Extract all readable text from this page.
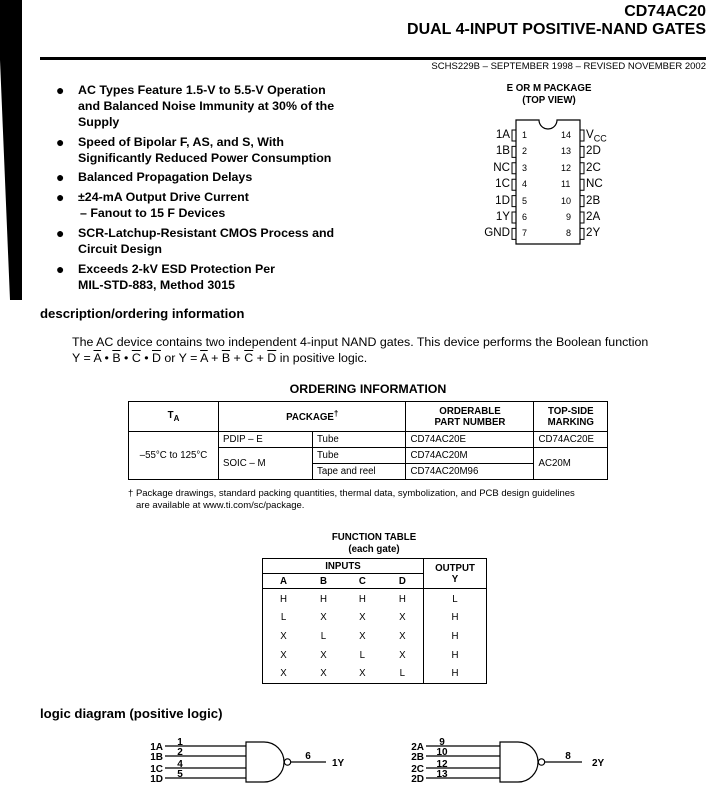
CD74AC20
DUAL 4-INPUT POSITIVE-NAND GATES
SCHS229B – SEPTEMBER 1998 – REVISED NOVEMBER 2002
●	AC Types Feature 1.5-V to 5.5-V Operation
and Balanced Noise Immunity at 30% of the
Supply
●	Speed of Bipolar F, AS, and S, With
Significantly Reduced Power Consumption
●	Balanced Propagation Delays
●	±24-mA Output Drive Current
– Fanout to 15 F Devices
●	SCR-Latchup-Resistant CMOS Process and
Circuit Design
●	Exceeds 2-kV ESD Protection Per
MIL-STD-883, Method 3015
E OR M PACKAGE
(TOP VIEW)
1A 1
1B 2
NC 3
1C 4
1D 5
1Y 6
GND 7
14 $V_{CC}$
13 2D
12 2C
11 NC
10 2B
9 2A
8 2Y
description/ordering information
The AC device contains two independent 4-input NAND gates. This device performs the Boolean function
$Y = \overline{A}$ • $\overline{B}$ • $\overline{C}$ • $\overline{D}$ or $Y = \overline{A} + \overline{B} + \overline{C} + \overline{D}$ in positive logic.
ORDERING INFORMATION
$T_A$	PACKAGE†		ORDERABLE
PART NUMBER	TOP-SIDE
MARKING
–55°C to 125°C	PDIP – E	Tube	CD74AC20E	CD74AC20E
	SOIC – M	Tube	CD74AC20M	AC20M
		Tape and reel	CD74AC20M96	
† Package drawings, standard packing quantities, thermal data, symbolization, and PCB design guidelines
are available at www.ti.com/sc/package.
FUNCTION TABLE
(each gate)
INPUTS				OUTPUT
Y
A	B	C	D	
H	H	H	H	L
L	X	X	X	H
X	L	X	X	H
X	X	L	X	H
X	X	X	L	H
logic diagram (positive logic)
1A 1
1B 2
1C 4
1D 5
6
1Y
2A 9
2B 10
2C 12
2D 13
8
2Y
